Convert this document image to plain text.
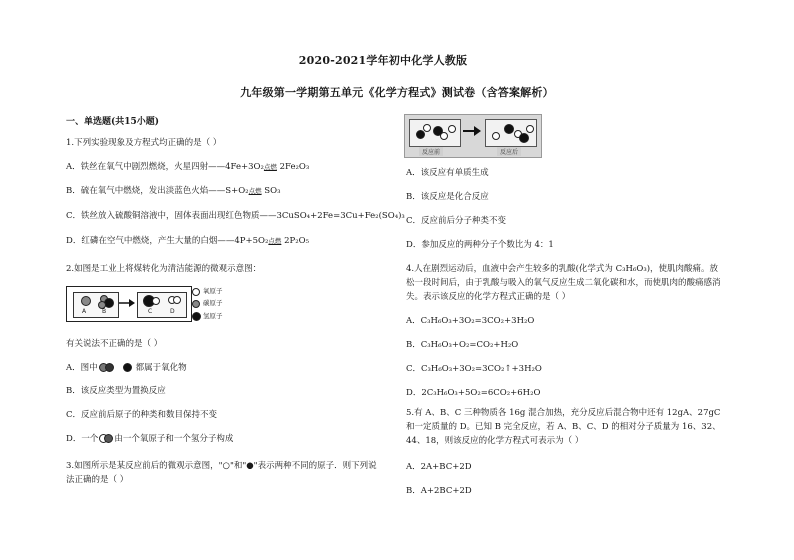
2020-2021学年初中化学人教版
九年级第一学期第五单元《化学方程式》测试卷（含答案解析）
一、单选题(共15小题)
1.下列实验现象及方程式均正确的是（ ）
A．铁丝在氧气中剧烈燃烧，火星四射——4Fe+3O₂点燃 2Fe₂O₃
B．硫在氧气中燃烧，发出淡蓝色火焰——S+O₂点燃 SO₃
C．铁丝放入硫酸铜溶液中，固体表面出现红色物质——3CuSO₄+2Fe=3Cu+Fe₂(SO₄)₃
D．红磷在空气中燃烧，产生大量的白烟——4P+5O₂点燃 2P₂O₅
2.如图是工业上将煤转化为清洁能源的微观示意图：
A	B	C	D
氧原子
碳原子
氢原子
有关说法不正确的是（ ）
A．图中	都属于氧化物
B．该反应类型为置换反应
C．反应前后原子的种类和数目保持不变
D．一个 由一个氧原子和一个氢分子构成
3.如图所示是某反应前后的微观示意图，"○"和"●"表示两种不同的原子．则下列说法正确的是（ ）
反应前	反应后
A．该反应有单质生成
B．该反应是化合反应
C．反应前后分子种类不变
D．参加反应的两种分子个数比为 4：1
4.人在剧烈运动后，血液中会产生较多的乳酸(化学式为 C₃H₆O₃)，使肌肉酸痛。放松一段时间后，由于乳酸与吸入的氧气反应生成二氧化碳和水，而使肌肉的酸痛感消失。表示该反应的化学方程式正确的是（ ）
A．C₃H₆O₃+3O₂=3CO₂+3H₂O
B．C₃H₆O₃+O₂=CO₂+H₂O
C．C₃H₆O₃+3O₂=3CO₂↑+3H₂O
D．2C₃H₆O₃+5O₂=6CO₂+6H₂O
5.有 A、B、C 三种物质各 16g 混合加热，充分反应后混合物中还有 12gA、27gC 和一定质量的 D。已知 B 完全反应，若 A、B、C、D 的相对分子质量为 16、32、44、18，则该反应的化学方程式可表示为（ ）
A．2A+BC+2D
B．A+2BC+2D
